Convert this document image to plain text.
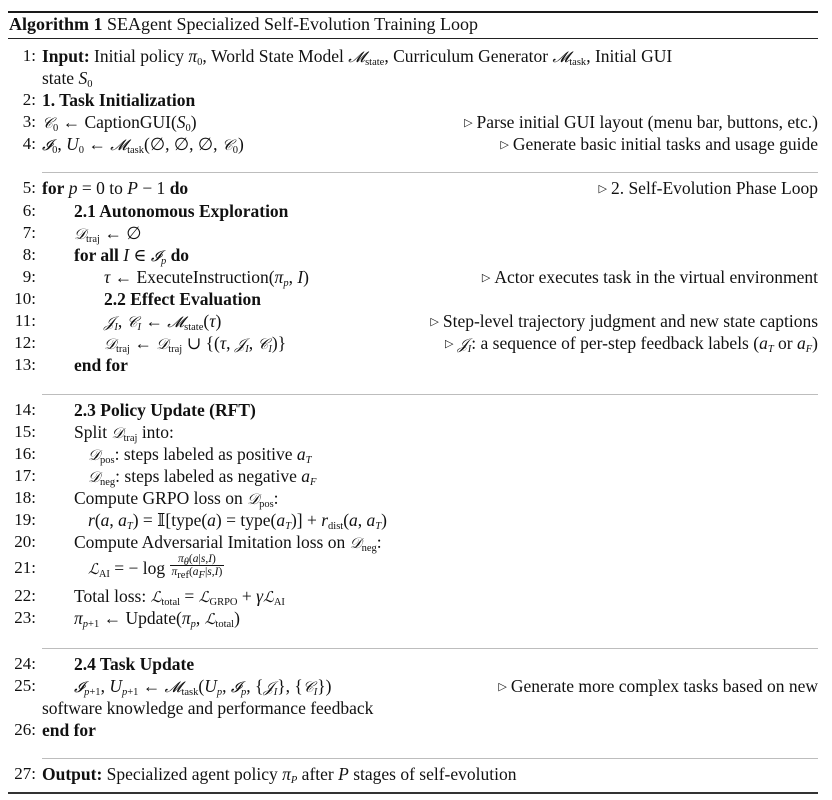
Algorithm 1 SEAgent Specialized Self-Evolution Training Loop
1: Input: Initial policy $\pi_0$, World State Model 𝓜$_{state}$, Curriculum Generator 𝓜$_{task}$, Initial GUI
state $S_0$
2: 1. Task Initialization
3: 𝒞$_0$ ← $CaptionGUI(S_0)$	▷ Parse initial GUI layout (menu bar, buttons, etc.)
4: 𝓘$_0$, $U_0$ ← 𝓜$_{task}$(∅, ∅, ∅, 𝒞$_0$)	▷ Generate basic initial tasks and usage guide
5: for p = 0 to P − 1 do	▷ 2. Self-Evolution Phase Loop
6: 2.1 Autonomous Exploration
7:	𝒟$_{traj}$ ← ∅
8: for all I ∈ 𝓘$_p$ do
9:	τ ← $ExecuteInstruction(\pi_p$, I)	▷ Actor executes task in the virtual environment
10:	2.2 Effect Evaluation
11:	𝒥$_I$, 𝒞$_I$ ← 𝓜$_{state}$(τ)	▷ Step-level trajectory judgment and new state captions
12:	𝒟$_{traj}$ ← 𝒟$_{traj}$ ∪ {(τ, 𝒥$_I$, 𝒞$_I$)}	▷ 𝒥$_I$: a sequence of per-step feedback labels ($a_T$ or $a_F$)
13: end for
14: 2.3 Policy Update (RFT)
15: Split 𝒟$_{traj}$ into:
16:	𝒟$_{pos}$: steps labeled as positive $a_T$
17:	𝒟$_{neg}$: steps labeled as negative $a_F$
18: Compute GRPO loss on 𝒟$_{pos}$:
19:	r(a, $a_T$) = 𝕀[type(a) = $type(a_T)] + r_{dist}(a$, $a_T$)
20: Compute Adversarial Imitation loss on 𝒟$_{neg}$:
21:	ℒ$_{AI}$ = − $\log \frac{\pi_\theta(a|s,I)}{\pi_{ref}(a_F|s,I)}$
22: Total loss: ℒ$_{total}$ = ℒ$_{GRPO}$ + γℒ$_{AI}$
23: $\pi_{p+1}$ ← $Update(\pi_p$, ℒ$_{total}$)
24: 2.4 Task Update
25:	𝓘$_{p+1}$, $U_{p+1}$ ← $𝓜_{task}(U_p$, 𝓘$_p$, {𝒥$_I$}, {𝒞$_I$})	▷ Generate more complex tasks based on new
software knowledge and performance feedback
26: end for
27: Output: Specialized agent policy $\pi_P$ after P stages of self-evolution
